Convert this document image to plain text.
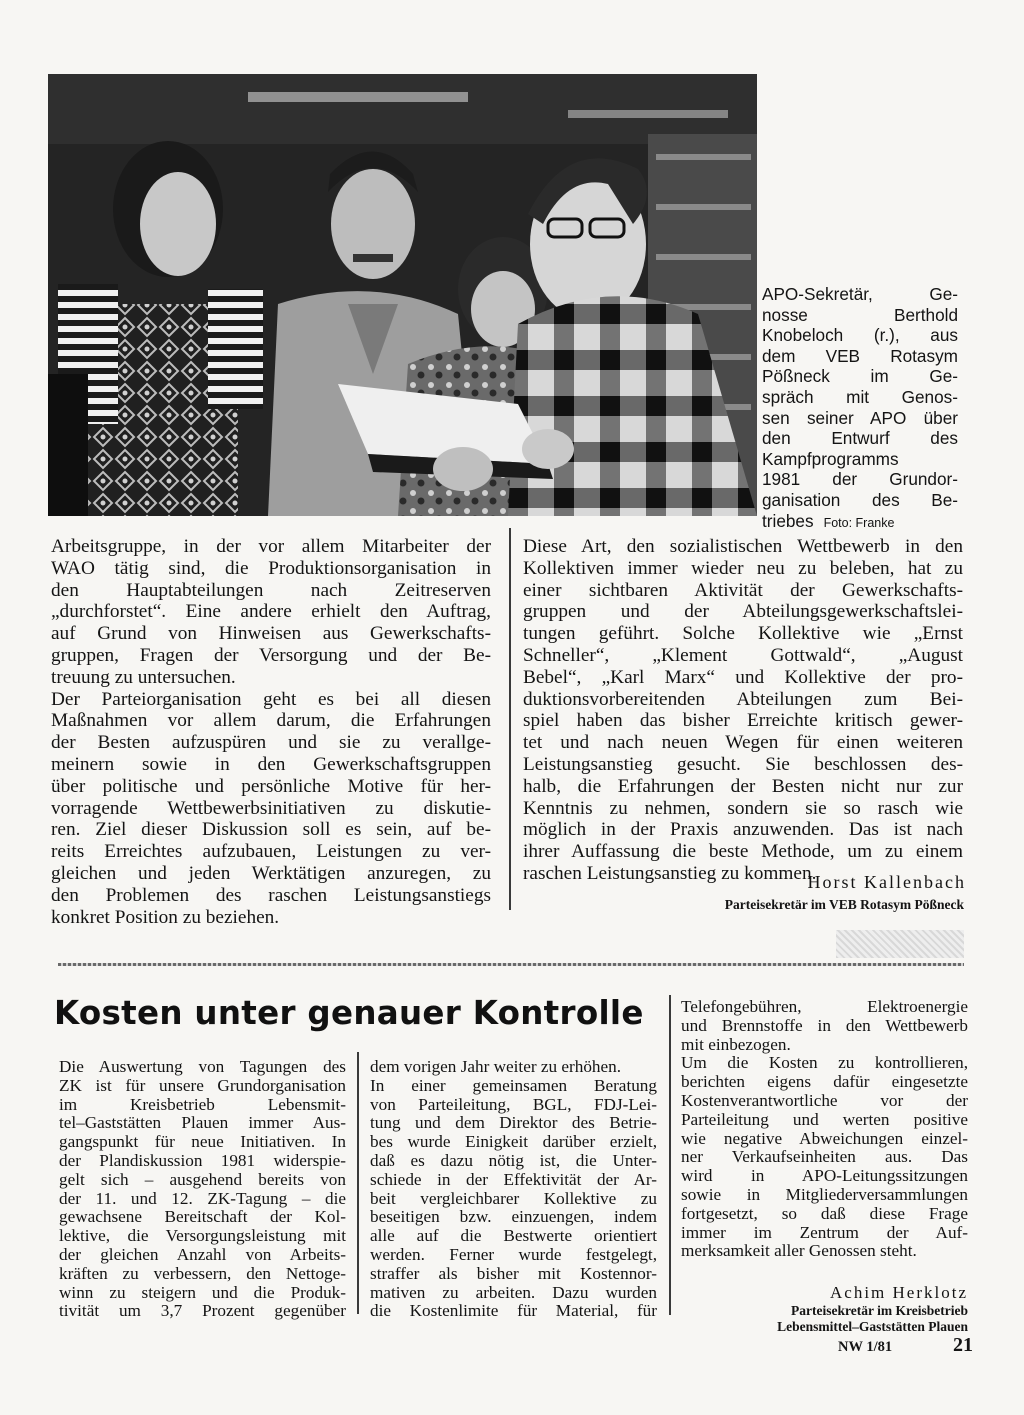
APO-Sekretär, Ge-
nosse Berthold
Knobeloch (r.), aus
dem VEB Rotasym
Pößneck im Ge-
spräch mit Genos-
sen seiner APO über
den Entwurf des
Kampfprogramms
1981 der Grundor-
ganisation des Be-
triebes Foto: Franke
Arbeitsgruppe, in der vor allem Mitarbeiter der
WAO tätig sind, die Produktionsorganisation in
den Hauptabteilungen nach Zeitreserven
„durchforstet“. Eine andere erhielt den Auftrag,
auf Grund von Hinweisen aus Gewerkschafts-
gruppen, Fragen der Versorgung und der Be-
treuung zu untersuchen.
Der Parteiorganisation geht es bei all diesen
Maßnahmen vor allem darum, die Erfahrungen
der Besten aufzuspüren und sie zu verallge-
meinern sowie in den Gewerkschaftsgruppen
über politische und persönliche Motive für her-
vorragende Wettbewerbsinitiativen zu diskutie-
ren. Ziel dieser Diskussion soll es sein, auf be-
reits Erreichtes aufzubauen, Leistungen zu ver-
gleichen und jeden Werktätigen anzuregen, zu
den Problemen des raschen Leistungsanstiegs
konkret Position zu beziehen.
Diese Art, den sozialistischen Wettbewerb in den
Kollektiven immer wieder neu zu beleben, hat zu
einer sichtbaren Aktivität der Gewerkschafts-
gruppen und der Abteilungsgewerkschaftslei-
tungen geführt. Solche Kollektive wie „Ernst
Schneller“, „Klement Gottwald“, „August
Bebel“, „Karl Marx“ und Kollektive der pro-
duktionsvorbereitenden Abteilungen zum Bei-
spiel haben das bisher Erreichte kritisch gewer-
tet und nach neuen Wegen für einen weiteren
Leistungsanstieg gesucht. Sie beschlossen des-
halb, die Erfahrungen der Besten nicht nur zur
Kenntnis zu nehmen, sondern sie so rasch wie
möglich in der Praxis anzuwenden. Das ist nach
ihrer Auffassung die beste Methode, um zu einem
raschen Leistungsanstieg zu kommen.
Horst Kallenbach
Parteisekretär im VEB Rotasym Pößneck
Kosten unter genauer Kontrolle
Die Auswertung von Tagungen des
ZK ist für unsere Grundorganisation
im Kreisbetrieb Lebensmit-
tel–Gaststätten Plauen immer Aus-
gangspunkt für neue Initiativen. In
der Plandiskussion 1981 widerspie-
gelt sich – ausgehend bereits von
der 11. und 12. ZK-Tagung – die
gewachsene Bereitschaft der Kol-
lektive, die Versorgungsleistung mit
der gleichen Anzahl von Arbeits-
kräften zu verbessern, den Nettoge-
winn zu steigern und die Produk-
tivität um 3,7 Prozent gegenüber
dem vorigen Jahr weiter zu erhöhen.
In einer gemeinsamen Beratung
von Parteileitung, BGL, FDJ-Lei-
tung und dem Direktor des Betrie-
bes wurde Einigkeit darüber erzielt,
daß es dazu nötig ist, die Unter-
schiede in der Effektivität der Ar-
beit vergleichbarer Kollektive zu
beseitigen bzw. einzuengen, indem
alle auf die Bestwerte orientiert
werden. Ferner wurde festgelegt,
straffer als bisher mit Kostennor-
mativen zu arbeiten. Dazu wurden
die Kostenlimite für Material, für
Telefongebühren, Elektroenergie
und Brennstoffe in den Wettbewerb
mit einbezogen.
Um die Kosten zu kontrollieren,
berichten eigens dafür eingesetzte
Kostenverantwortliche vor der
Parteileitung und werten positive
wie negative Abweichungen einzel-
ner Verkaufseinheiten aus. Das
wird in APO-Leitungssitzungen
sowie in Mitgliederversammlungen
fortgesetzt, so daß diese Frage
immer im Zentrum der Auf-
merksamkeit aller Genossen steht.
Achim Herklotz
Parteisekretär im Kreisbetrieb
Lebensmittel–Gaststätten Plauen
NW 1/81	21
